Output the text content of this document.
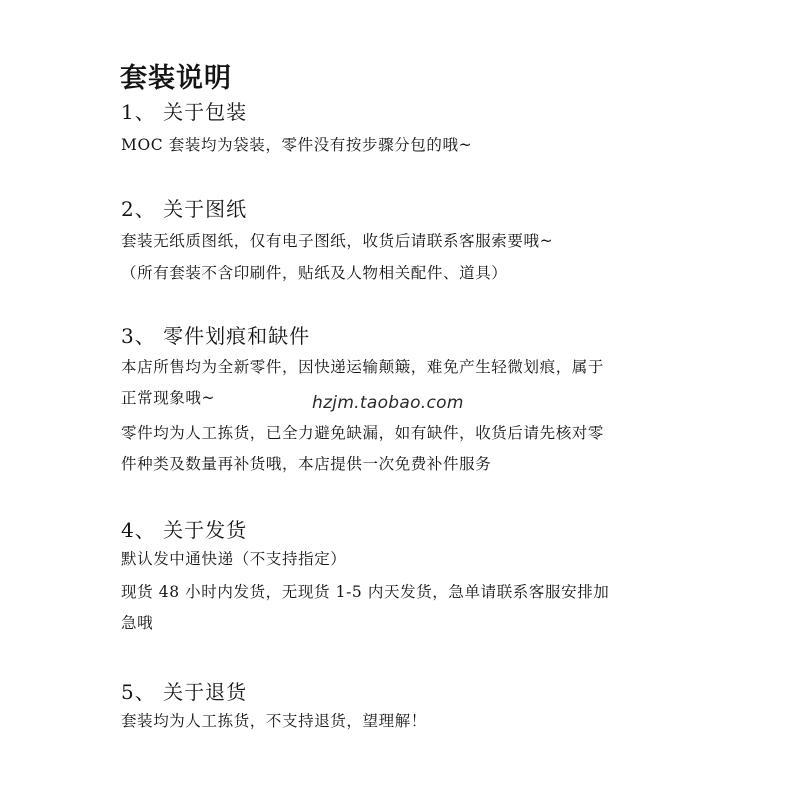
套装说明
1、 关于包装
MOC 套装均为袋装，零件没有按步骤分包的哦~
2、 关于图纸
套装无纸质图纸，仅有电子图纸，收货后请联系客服索要哦~
（所有套装不含印刷件，贴纸及人物相关配件、道具）
3、 零件划痕和缺件
本店所售均为全新零件，因快递运输颠簸，难免产生轻微划痕，属于
正常现象哦~
零件均为人工拣货，已全力避免缺漏，如有缺件，收货后请先核对零
件种类及数量再补货哦，本店提供一次免费补件服务
4、 关于发货
默认发中通快递（不支持指定）
现货 48 小时内发货，无现货 1-5 内天发货，急单请联系客服安排加
急哦
5、 关于退货
套装均为人工拣货，不支持退货，望理解！
hzjm.taobao.com
